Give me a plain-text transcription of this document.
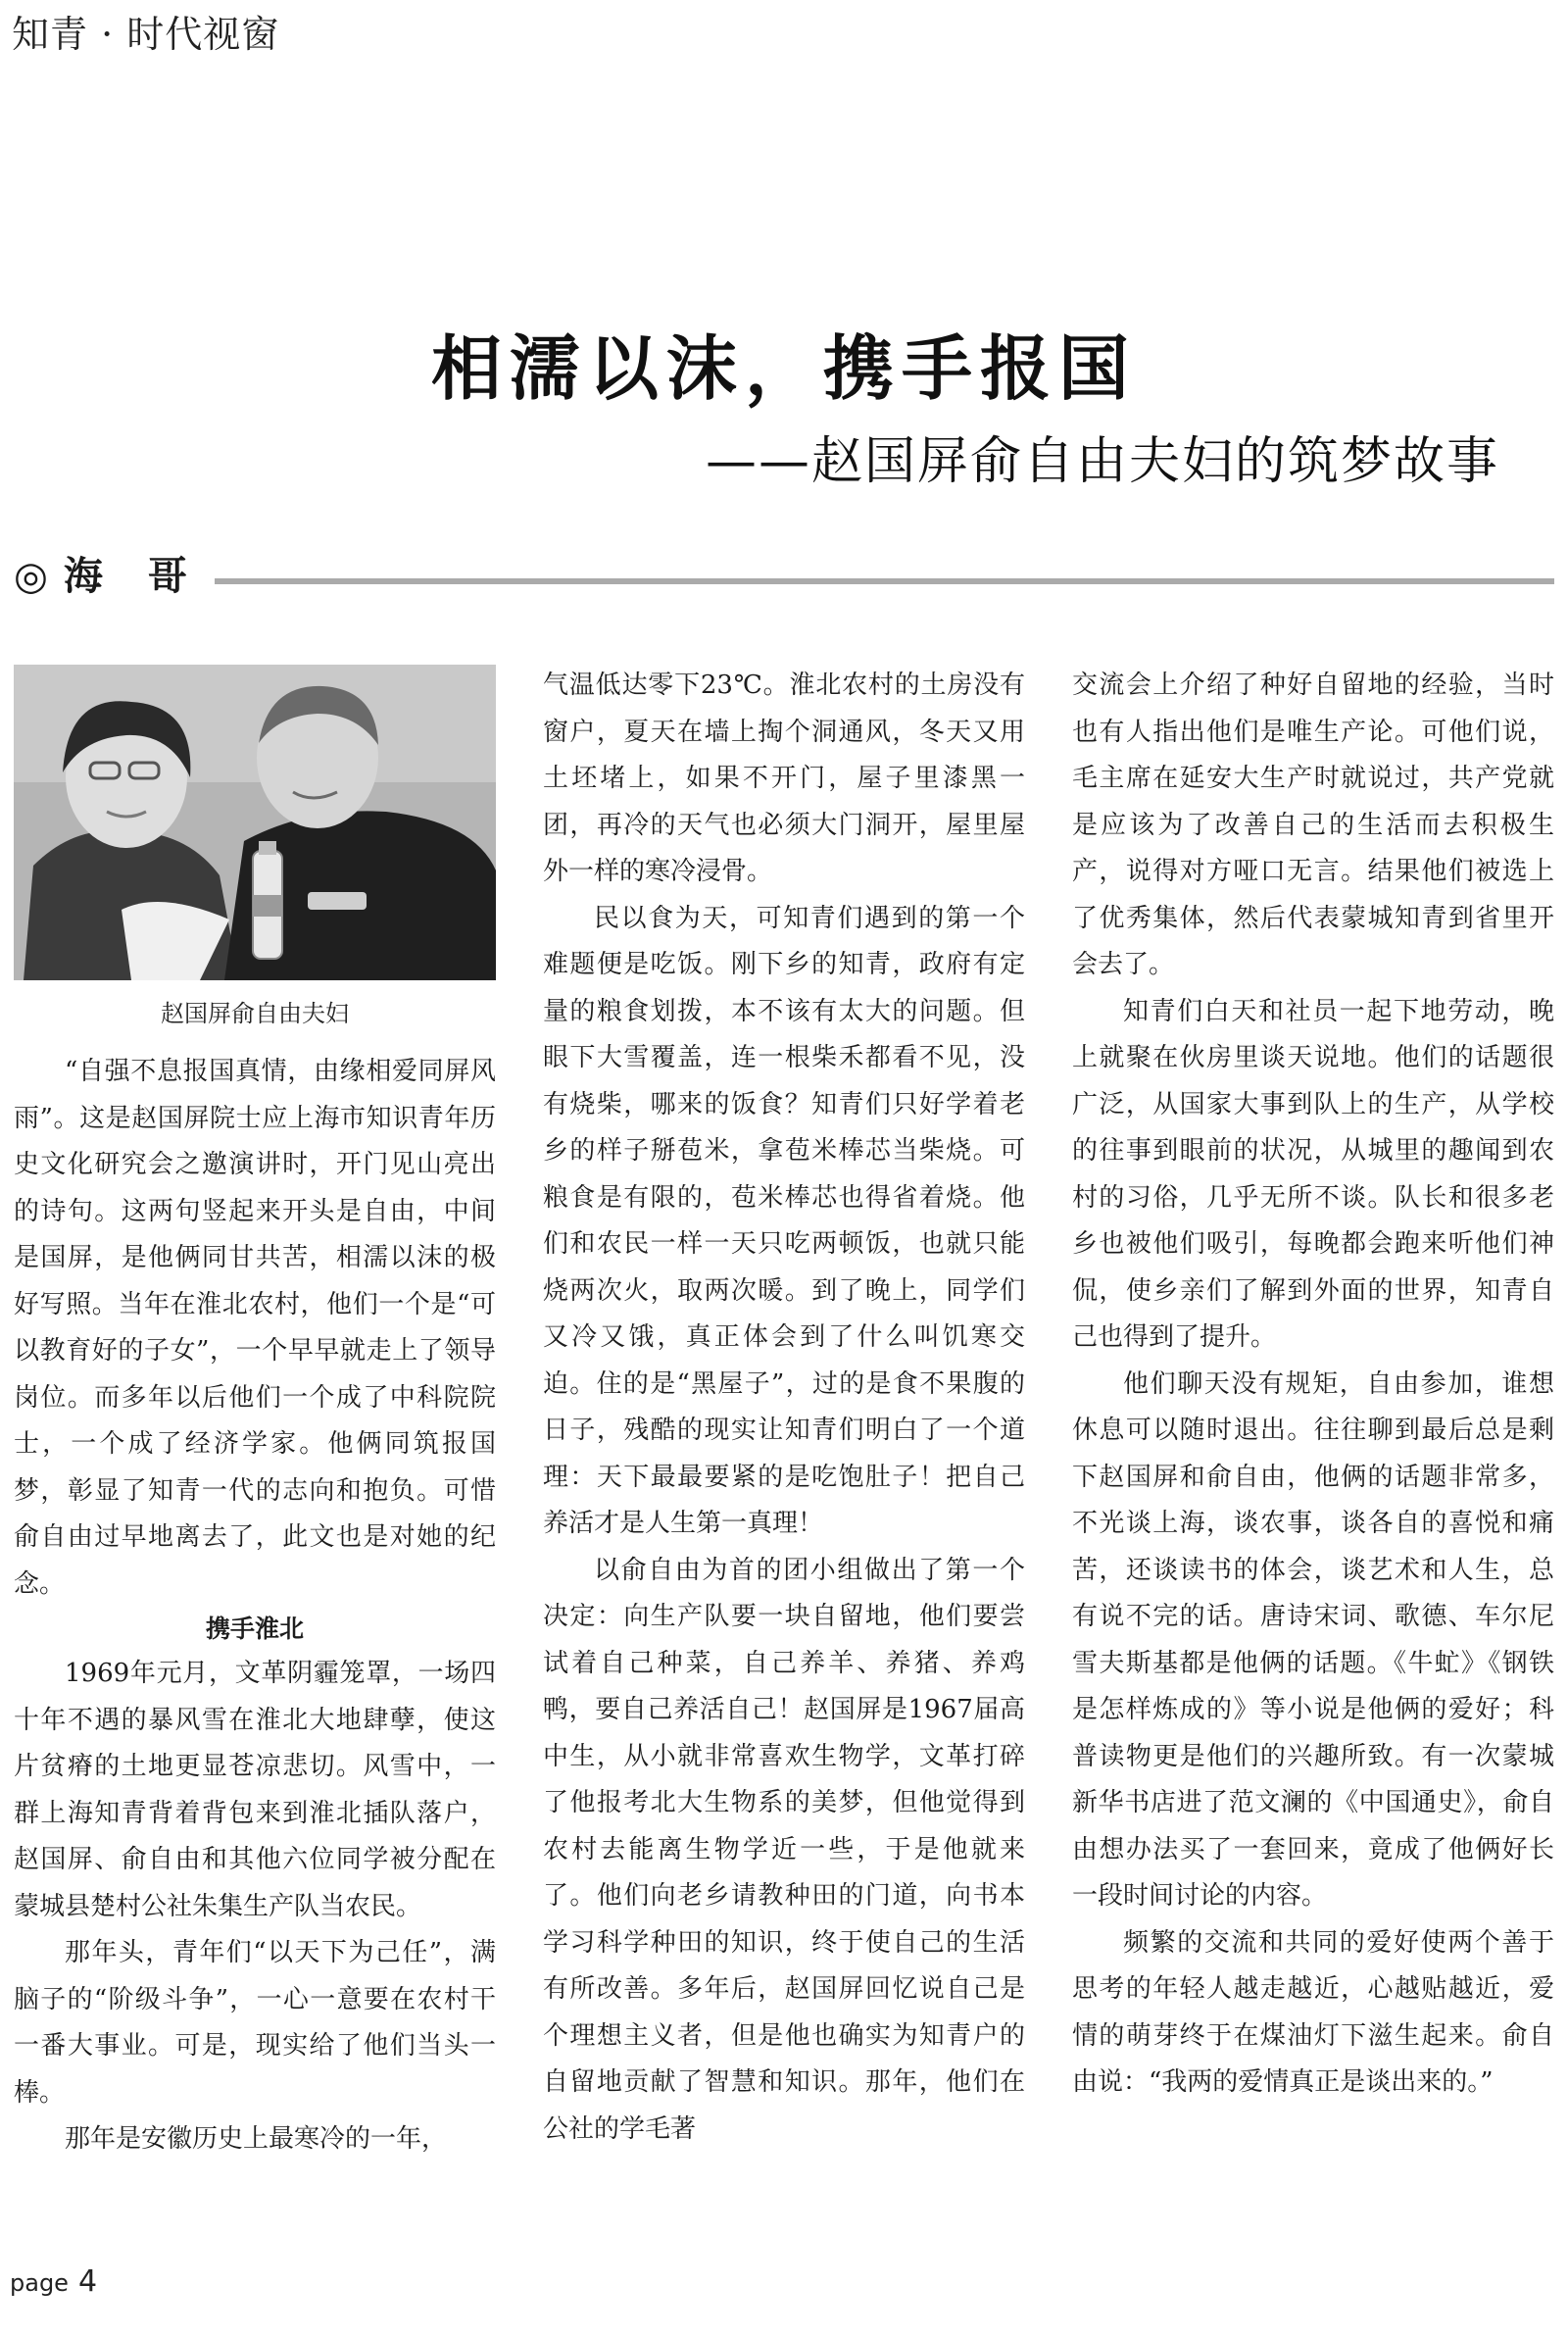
知青 · 时代视窗
相濡以沫，携手报国
——赵国屏俞自由夫妇的筑梦故事
◎海 哥
赵国屏俞自由夫妇

“自强不息报国真情，由缘相爱同屏风雨”。这是赵国屏院士应上海市知识青年历史文化研究会之邀演讲时，开门见山亮出的诗句。这两句竖起来开头是自由，中间是国屏，是他俩同甘共苦，相濡以沫的极好写照。当年在淮北农村，他们一个是“可以教育好的子女”，一个早早就走上了领导岗位。而多年以后他们一个成了中科院院士，一个成了经济学家。他俩同筑报国梦，彰显了知青一代的志向和抱负。可惜俞自由过早地离去了，此文也是对她的纪念。

携手淮北

1969年元月，文革阴霾笼罩，一场四十年不遇的暴风雪在淮北大地肆孽，使这片贫瘠的土地更显苍凉悲切。风雪中，一群上海知青背着背包来到淮北插队落户，赵国屏、俞自由和其他六位同学被分配在蒙城县楚村公社朱集生产队当农民。

那年头，青年们“以天下为己任”，满脑子的“阶级斗争”，一心一意要在农村干一番大事业。可是，现实给了他们当头一棒。

那年是安徽历史上最寒冷的一年，

气温低达零下23℃。淮北农村的土房没有窗户，夏天在墙上掏个洞通风，冬天又用土坯堵上，如果不开门，屋子里漆黑一团，再冷的天气也必须大门洞开，屋里屋外一样的寒冷浸骨。

民以食为天，可知青们遇到的第一个难题便是吃饭。刚下乡的知青，政府有定量的粮食划拨，本不该有太大的问题。但眼下大雪覆盖，连一根柴禾都看不见，没有烧柴，哪来的饭食？知青们只好学着老乡的样子掰苞米，拿苞米棒芯当柴烧。可粮食是有限的，苞米棒芯也得省着烧。他们和农民一样一天只吃两顿饭，也就只能烧两次火，取两次暖。到了晚上，同学们又冷又饿，真正体会到了什么叫饥寒交迫。住的是“黑屋子”，过的是食不果腹的日子，残酷的现实让知青们明白了一个道理：天下最最要紧的是吃饱肚子！把自己养活才是人生第一真理！

以俞自由为首的团小组做出了第一个决定：向生产队要一块自留地，他们要尝试着自己种菜，自己养羊、养猪、养鸡鸭，要自己养活自己！赵国屏是1967届高中生，从小就非常喜欢生物学，文革打碎了他报考北大生物系的美梦，但他觉得到农村去能离生物学近一些，于是他就来了。他们向老乡请教种田的门道，向书本学习科学种田的知识，终于使自己的生活有所改善。多年后，赵国屏回忆说自己是个理想主义者，但是他也确实为知青户的自留地贡献了智慧和知识。那年，他们在公社的学毛著

交流会上介绍了种好自留地的经验，当时也有人指出他们是唯生产论。可他们说，毛主席在延安大生产时就说过，共产党就是应该为了改善自己的生活而去积极生产，说得对方哑口无言。结果他们被选上了优秀集体，然后代表蒙城知青到省里开会去了。

知青们白天和社员一起下地劳动，晚上就聚在伙房里谈天说地。他们的话题很广泛，从国家大事到队上的生产，从学校的往事到眼前的状况，从城里的趣闻到农村的习俗，几乎无所不谈。队长和很多老乡也被他们吸引，每晚都会跑来听他们神侃，使乡亲们了解到外面的世界，知青自己也得到了提升。

他们聊天没有规矩，自由参加，谁想休息可以随时退出。往往聊到最后总是剩下赵国屏和俞自由，他俩的话题非常多，不光谈上海，谈农事，谈各自的喜悦和痛苦，还谈读书的体会，谈艺术和人生，总有说不完的话。唐诗宋词、歌德、车尔尼雪夫斯基都是他俩的话题。《牛虻》《钢铁是怎样炼成的》等小说是他俩的爱好；科普读物更是他们的兴趣所致。有一次蒙城新华书店进了范文澜的《中国通史》，俞自由想办法买了一套回来，竟成了他俩好长一段时间讨论的内容。

频繁的交流和共同的爱好使两个善于思考的年轻人越走越近，心越贴越近，爱情的萌芽终于在煤油灯下滋生起来。俞自由说：“我两的爱情真正是谈出来的。”

page 4
